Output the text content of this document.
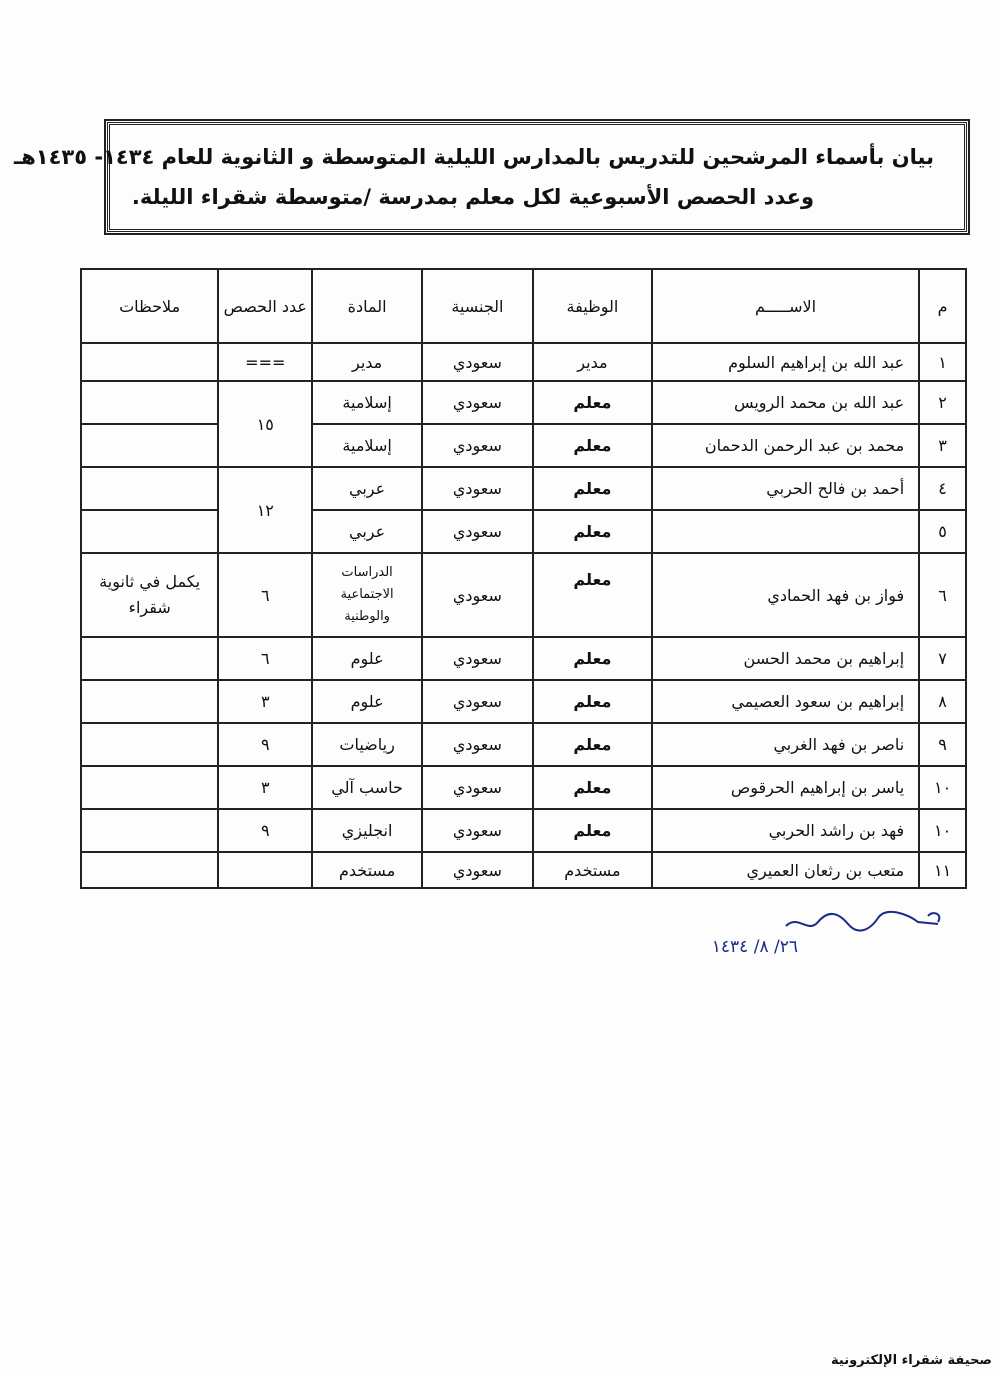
بيان بأسماء المرشحين للتدريس بالمدارس الليلية المتوسطة و الثانوية للعام ١٤٣٤- ١٤٣٥هـ
وعدد الحصص الأسبوعية لكل معلم بمدرسة /متوسطة شقراء الليلة.
م	الاســـــم	الوظيفة	الجنسية	المادة	عدد الحصص	ملاحظات
١	عبد الله بن إبراهيم السلوم	مدير	سعودي	مدير	===	
٢	عبد الله بن محمد الرويس	معلم	سعودي	إسلامية	١٥	
٣	محمد بن عبد الرحمن الدحمان	معلم	سعودي	إسلامية		
٤	أحمد بن فالح الحربي	معلم	سعودي	عربي	١٢	
٥		معلم	سعودي	عربي		
٦	فواز بن فهد الحمادي	معلم	سعودي	الدراسات الاجتماعية والوطنية	٦	يكمل في ثانوية شقراء
٧	إبراهيم بن محمد الحسن	معلم	سعودي	علوم	٦	
٨	إبراهيم بن سعود العصيمي	معلم	سعودي	علوم	٣	
٩	ناصر بن فهد الغربي	معلم	سعودي	رياضيات	٩	
١٠	ياسر بن إبراهيم الحرقوص	معلم	سعودي	حاسب آلي	٣	
١٠	فهد بن راشد الحربي	معلم	سعودي	انجليزي	٩	
١١	متعب بن رثعان العميري	مستخدم	سعودي	مستخدم		
٢٦/ ٨/ ١٤٣٤
صحيفة شقراء الإلكترونية
